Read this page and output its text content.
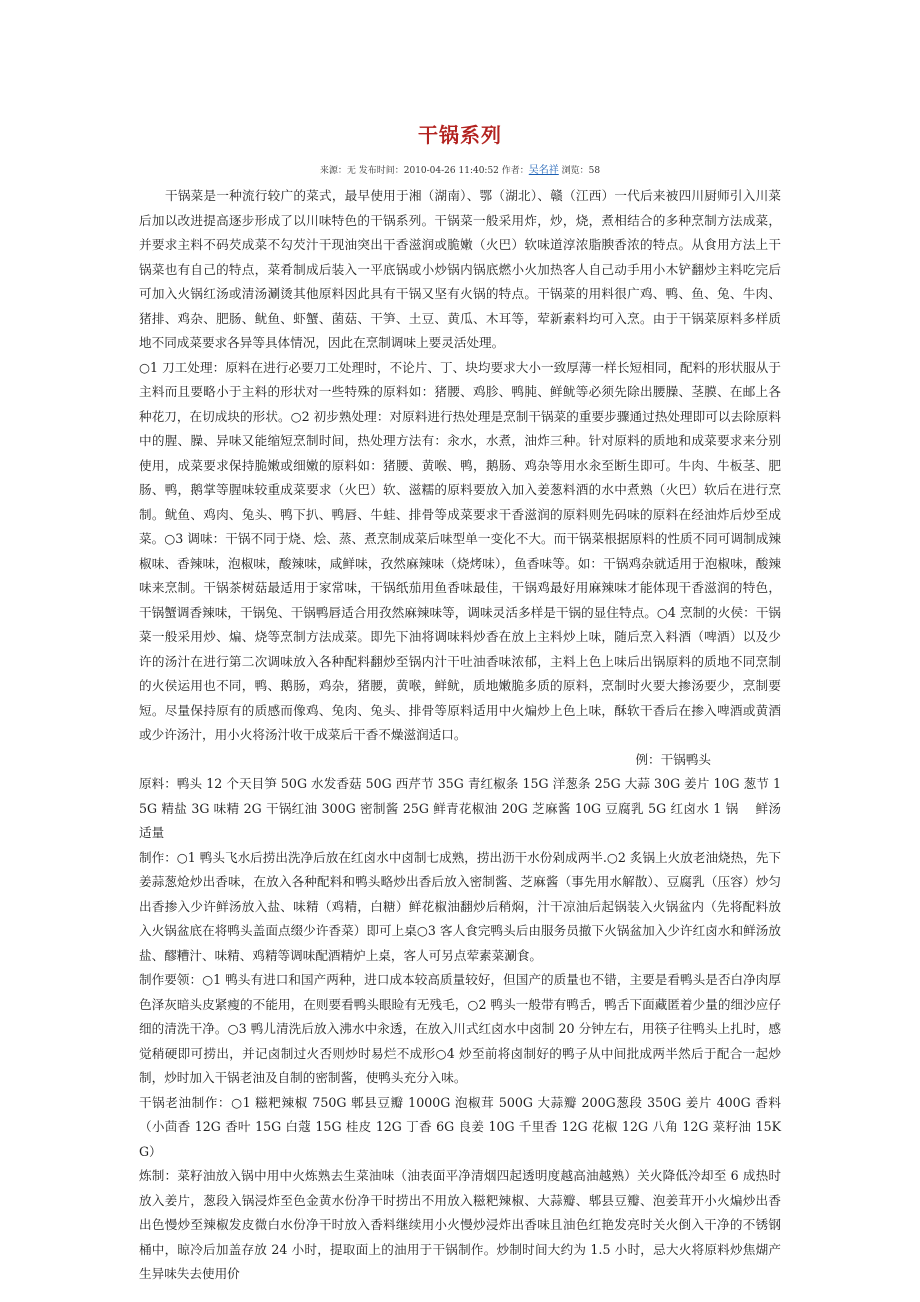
干锅系列
来源：无 发布时间：2010-04-26 11:40:52 作者：吴名祥 浏览：58

干锅菜是一种流行较广的菜式，最早使用于湘（湖南）、鄂（湖北）、赣（江西）一代后来被四川厨师引入川菜后加以改进提高逐步形成了以川味特色的干锅系列。干锅菜一般采用炸，炒，烧，煮相结合的多种烹制方法成菜，并要求主料不码芡成菜不勾芡汁干现油突出干香滋润或脆嫩（火巴）软味道淳浓脂腴香浓的特点。从食用方法上干锅菜也有自己的特点，菜肴制成后装入一平底锅或小炒锅内锅底燃小火加热客人自己动手用小木铲翻炒主料吃完后可加入火锅红汤或清汤涮烫其他原料因此具有干锅又坚有火锅的特点。干锅菜的用料很广鸡、鸭、鱼、兔、牛肉、猪排、鸡杂、肥肠、鱿鱼、虾蟹、菌菇、干笋、土豆、黄瓜、木耳等，荤新素料均可入烹。由于干锅菜原料多样质地不同成菜要求各异等具体情况，因此在烹制调味上要灵活处理。

○1 刀工处理：原料在进行必要刀工处理时，不论片、丁、块均要求大小一致厚薄一样长短相同，配料的形状服从于主料而且要略小于主料的形状对一些特殊的原料如：猪腰、鸡胗、鸭肫、鲜鱿等必须先除出腰臊、茎膜、在邮上各种花刀，在切成块的形状。○2 初步熟处理：对原料进行热处理是烹制干锅菜的重要步骤通过热处理即可以去除原料中的腥、臊、异味又能缩短烹制时间，热处理方法有：汆水，水煮，油炸三种。针对原料的质地和成菜要求来分别使用，成菜要求保持脆嫩或细嫩的原料如：猪腰、黄喉、鸭，鹅肠、鸡杂等用水汆至断生即可。牛肉、牛板茎、肥肠、鸭，鹅掌等腥味较重成菜要求（火巴）软、滋糯的原料要放入加入姜葱料酒的水中煮熟（火巴）软后在进行烹制。鱿鱼、鸡肉、兔头、鸭下扒、鸭唇、牛蛙、排骨等成菜要求干香滋润的原料则先码味的原料在经油炸后炒至成菜。○3 调味：干锅不同于烧、烩、蒸、煮烹制成菜后味型单一变化不大。而干锅菜根据原料的性质不同可调制成辣椒味、香辣味，泡椒味，酸辣味，咸鲜味，孜然麻辣味（烧烤味），鱼香味等。如：干锅鸡杂就适用于泡椒味，酸辣味来烹制。干锅茶树菇最适用于家常味，干锅纸茄用鱼香味最佳，干锅鸡最好用麻辣味才能体现干香滋润的特色，干锅蟹调香辣味，干锅兔、干锅鸭唇适合用孜然麻辣味等，调味灵活多样是干锅的显住特点。○4 烹制的火侯：干锅菜一般采用炒、煸、烧等烹制方法成菜。即先下油将调味料炒香在放上主料炒上味，随后烹入料酒（啤酒）以及少许的汤汁在进行第二次调味放入各种配料翻炒至锅内汁干吐油香味浓郁，主料上色上味后出锅原料的质地不同烹制的火侯运用也不同，鸭、鹅肠，鸡杂，猪腰，黄喉，鲜鱿，质地嫩脆多质的原料，烹制时火要大掺汤要少，烹制要短。尽量保持原有的质感而像鸡、兔肉、兔头、排骨等原料适用中火煸炒上色上味，酥软干香后在掺入啤酒或黄酒或少许汤汁，用小火将汤汁收干成菜后干香不燥滋润适口。

例：干锅鸭头

原料：鸭头 12 个天目笋 50G 水发香菇 50G 西芹节 35G 青红椒条 15G 洋葱条 25G 大蒜 30G 姜片 10G 葱节 15G 精盐 3G 味精 2G 干锅红油 300G 密制酱 25G 鲜青花椒油 20G 芝麻酱 10G 豆腐乳 5G 红卤水 1 锅　 鲜汤适量

制作：○1 鸭头飞水后捞出洗净后放在红卤水中卤制七成熟，捞出沥干水份剁成两半.○2 炙锅上火放老油烧热，先下姜蒜葱炝炒出香味，在放入各种配料和鸭头略炒出香后放入密制酱、芝麻酱（事先用水解散）、豆腐乳（压容）炒匀出香掺入少许鲜汤放入盐、味精（鸡精，白糖）鲜花椒油翻炒后稍焖，汁干凉油后起锅装入火锅盆内（先将配料放入火锅盆底在将鸭头盖面点缀少许香菜）即可上桌○3 客人食完鸭头后由服务员撤下火锅盆加入少许红卤水和鲜汤放盐、醪糟汁、味精、鸡精等调味配酒精炉上桌，客人可另点荤素菜涮食。

制作要领：○1 鸭头有进口和国产两种，进口成本较高质量较好，但国产的质量也不错，主要是看鸭头是否白净肉厚色泽灰暗头皮紧瘦的不能用，在则要看鸭头眼睑有无残毛，○2 鸭头一般带有鸭舌，鸭舌下面藏匿着少量的细沙应仔细的清洗干净。○3 鸭儿清洗后放入沸水中汆透，在放入川式红卤水中卤制 20 分钟左右，用筷子往鸭头上扎时，感觉稍硬即可捞出，并记卤制过火否则炒时易烂不成形○4 炒至前将卤制好的鸭子从中间批成两半然后于配合一起炒制，炒时加入干锅老油及自制的密制酱，使鸭头充分入味。

干锅老油制作：○1 糍粑辣椒 750G 郫县豆瓣 1000G 泡椒茸 500G 大蒜瓣 200G葱段 350G 姜片 400G 香料（小茴香 12G 香叶 15G 白蔻 15G 桂皮 12G 丁香 6G 良姜 10G 千里香 12G 花椒 12G 八角 12G 菜籽油 15KG）

炼制：菜籽油放入锅中用中火炼熟去生菜油味（油表面平净清烟四起透明度越高油越熟）关火降低冷却至 6 成热时放入姜片，葱段入锅浸炸至色金黄水份净干时捞出不用放入糍粑辣椒、大蒜瓣、郫县豆瓣、泡姜茸开小火煸炒出香出色慢炒至辣椒发皮微白水份净干时放入香料继续用小火慢炒浸炸出香味且油色红艳发亮时关火倒入干净的不锈钢桶中，晾冷后加盖存放 24 小时，提取面上的油用于干锅制作。炒制时间大约为 1.5 小时，忌大火将原料炒焦煳产生异味失去使用价
